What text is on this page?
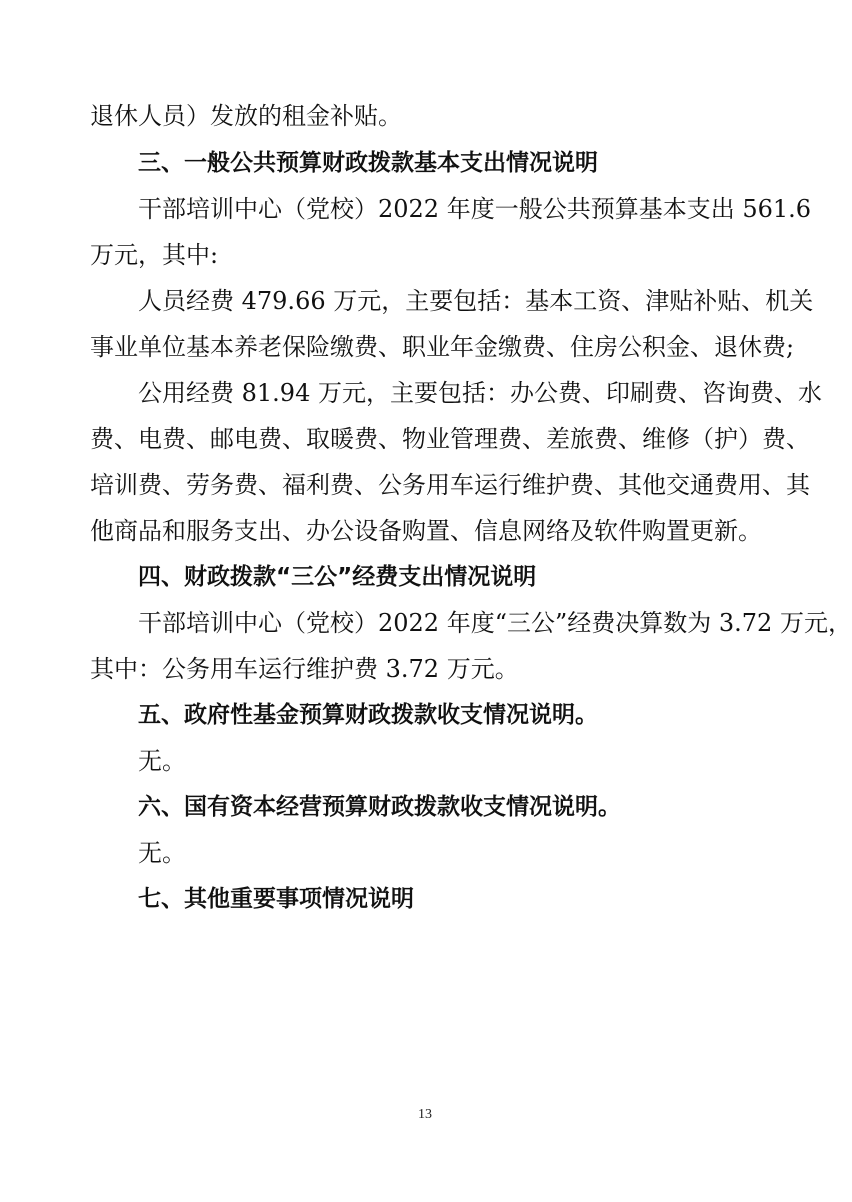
退休人员）发放的租金补贴。
三、一般公共预算财政拨款基本支出情况说明
干部培训中心（党校）2022 年度一般公共预算基本支出 561.6
万元，其中:
人员经费 479.66 万元，主要包括：基本工资、津贴补贴、机关
事业单位基本养老保险缴费、职业年金缴费、住房公积金、退休费;
公用经费 81.94 万元，主要包括：办公费、印刷费、咨询费、水
费、电费、邮电费、取暖费、物业管理费、差旅费、维修（护）费、
培训费、劳务费、福利费、公务用车运行维护费、其他交通费用、其
他商品和服务支出、办公设备购置、信息网络及软件购置更新。
四、财政拨款“三公”经费支出情况说明
干部培训中心（党校）2022 年度“三公”经费决算数为 3.72 万元，
其中：公务用车运行维护费 3.72 万元。
五、政府性基金预算财政拨款收支情况说明。
无。
六、国有资本经营预算财政拨款收支情况说明。
无。
七、其他重要事项情况说明
13
